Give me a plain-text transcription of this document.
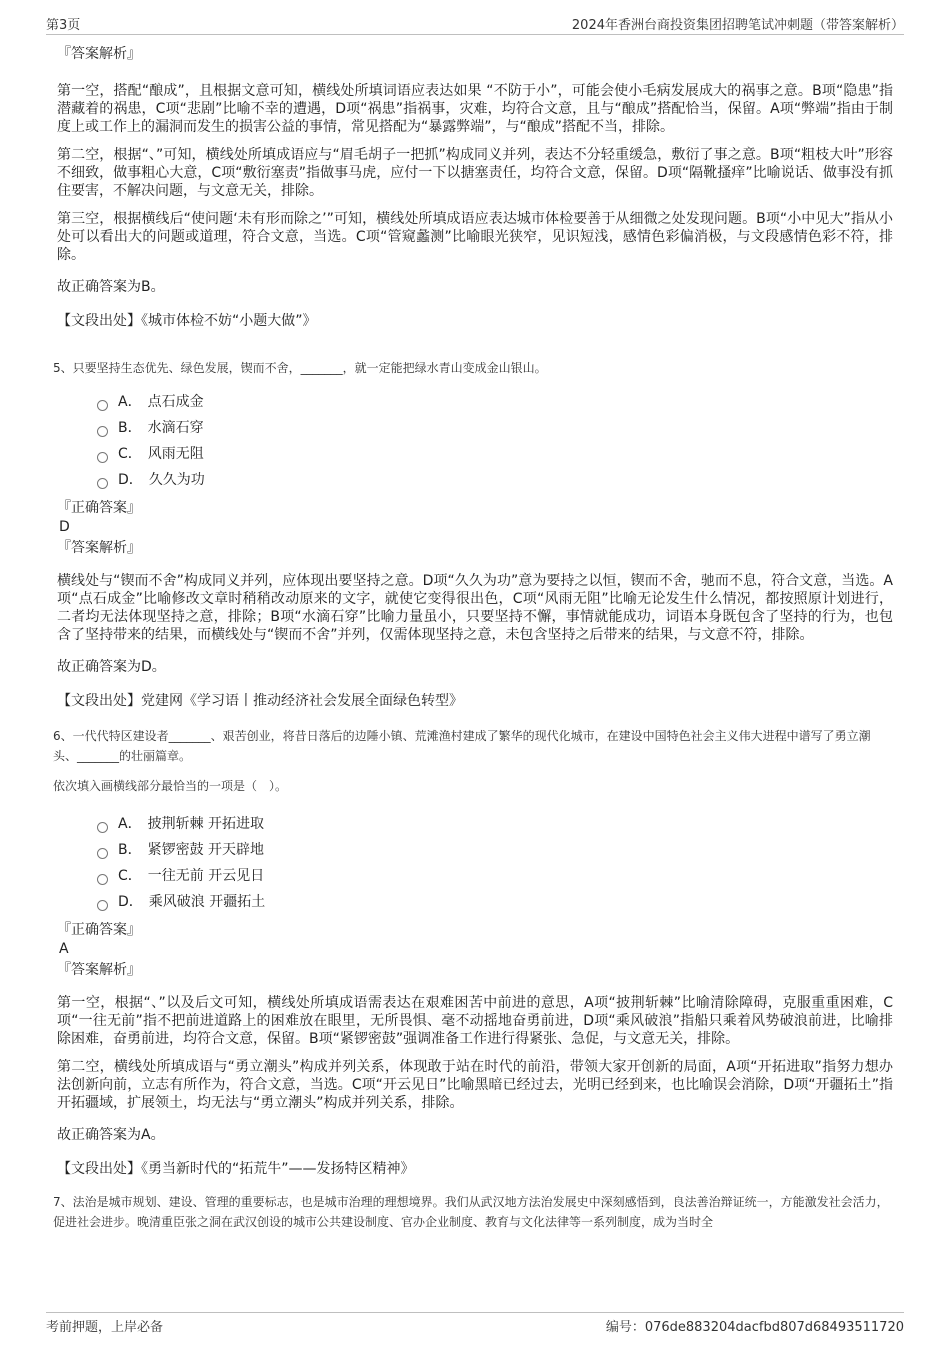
第3页	2024年香洲台商投资集团招聘笔试冲刺题（带答案解析）
『答案解析』

第一空，搭配“酿成”，且根据文意可知，横线处所填词语应表达如果 “不防于小”，可能会使小毛病发展成大的祸事之意。B项“隐患”指潜藏着的祸患，C项“悲剧”比喻不幸的遭遇，D项“祸患”指祸事，灾难，均符合文意，且与“酿成”搭配恰当，保留。A项“弊端”指由于制度上或工作上的漏洞而发生的损害公益的事情，常见搭配为“暴露弊端”，与“酿成”搭配不当，排除。

第二空，根据“、”可知，横线处所填成语应与“眉毛胡子一把抓”构成同义并列，表达不分轻重缓急，敷衍了事之意。B项“粗枝大叶”形容不细致，做事粗心大意，C项“敷衍塞责”指做事马虎，应付一下以搪塞责任，均符合文意，保留。D项“隔靴搔痒”比喻说话、做事没有抓住要害，不解决问题，与文意无关，排除。

第三空，根据横线后“使问题‘未有形而除之’”可知，横线处所填成语应表达城市体检要善于从细微之处发现问题。B项“小中见大”指从小处可以看出大的问题或道理，符合文意，当选。C项“管窥蠡测”比喻眼光狭窄，见识短浅，感情色彩偏消极，与文段感情色彩不符，排除。

故正确答案为B。

【文段出处】《城市体检不妨“小题大做”》

5、只要坚持生态优先、绿色发展，锲而不舍，_______，就一定能把绿水青山变成金山银山。

A． 点石成金
B． 水滴石穿
C． 风雨无阻
D． 久久为功
『正确答案』
D
『答案解析』

横线处与“锲而不舍”构成同义并列，应体现出要坚持之意。D项“久久为功”意为要持之以恒，锲而不舍，驰而不息，符合文意，当选。A项“点石成金”比喻修改文章时稍稍改动原来的文字，就使它变得很出色，C项“风雨无阻”比喻无论发生什么情况，都按照原计划进行，二者均无法体现坚持之意，排除；B项“水滴石穿”比喻力量虽小，只要坚持不懈，事情就能成功，词语本身既包含了坚持的行为，也包含了坚持带来的结果，而横线处与“锲而不舍”并列，仅需体现坚持之意，未包含坚持之后带来的结果，与文意不符，排除。

故正确答案为D。

【文段出处】党建网《学习语丨推动经济社会发展全面绿色转型》

6、一代代特区建设者_______、艰苦创业，将昔日落后的边陲小镇、荒滩渔村建成了繁华的现代化城市，在建设中国特色社会主义伟大进程中谱写了勇立潮头、_______的壮丽篇章。

依次填入画横线部分最恰当的一项是（　）。

A． 披荆斩棘 开拓进取
B． 紧锣密鼓 开天辟地
C． 一往无前 开云见日
D． 乘风破浪 开疆拓土
『正确答案』
A
『答案解析』

第一空，根据“、”以及后文可知，横线处所填成语需表达在艰难困苦中前进的意思，A项“披荆斩棘”比喻清除障碍，克服重重困难，C项“一往无前”指不把前进道路上的困难放在眼里，无所畏惧、毫不动摇地奋勇前进，D项“乘风破浪”指船只乘着风势破浪前进，比喻排除困难，奋勇前进，均符合文意，保留。B项“紧锣密鼓”强调准备工作进行得紧张、急促，与文意无关，排除。

第二空，横线处所填成语与“勇立潮头”构成并列关系，体现敢于站在时代的前沿，带领大家开创新的局面，A项“开拓进取”指努力想办法创新向前，立志有所作为，符合文意，当选。C项“开云见日”比喻黑暗已经过去，光明已经到来，也比喻误会消除，D项“开疆拓土”指开拓疆域，扩展领土，均无法与“勇立潮头”构成并列关系，排除。

故正确答案为A。

【文段出处】《勇当新时代的“拓荒牛”——发扬特区精神》

7、法治是城市规划、建设、管理的重要标志，也是城市治理的理想境界。我们从武汉地方法治发展史中深刻感悟到，良法善治辩证统一，方能激发社会活力，促进社会进步。晚清重臣张之洞在武汉创设的城市公共建设制度、官办企业制度、教育与文化法律等一系列制度，成为当时全

考前押题，上岸必备	编号：076de883204dacfbd807d68493511720
